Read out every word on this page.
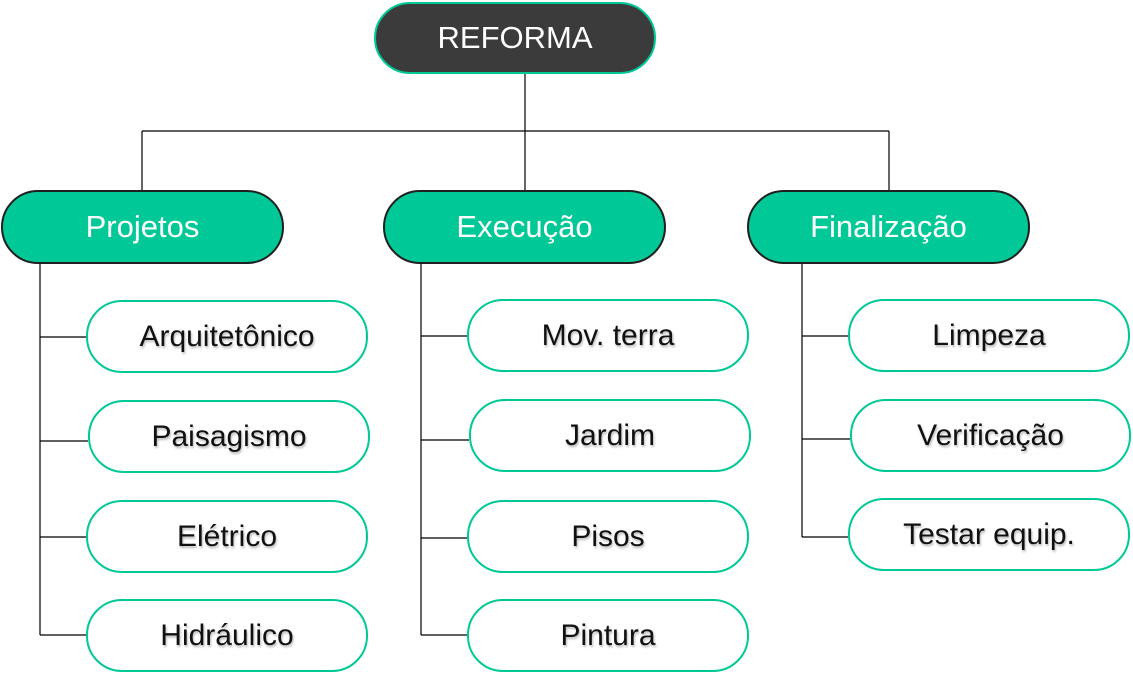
REFORMA
Projetos	Execução	Finalização
Arquitetônico
Paisagismo
Elétrico
Hidráulico
Mov. terra
Jardim
Pisos
Pintura
Limpeza
Verificação
Testar equip.
